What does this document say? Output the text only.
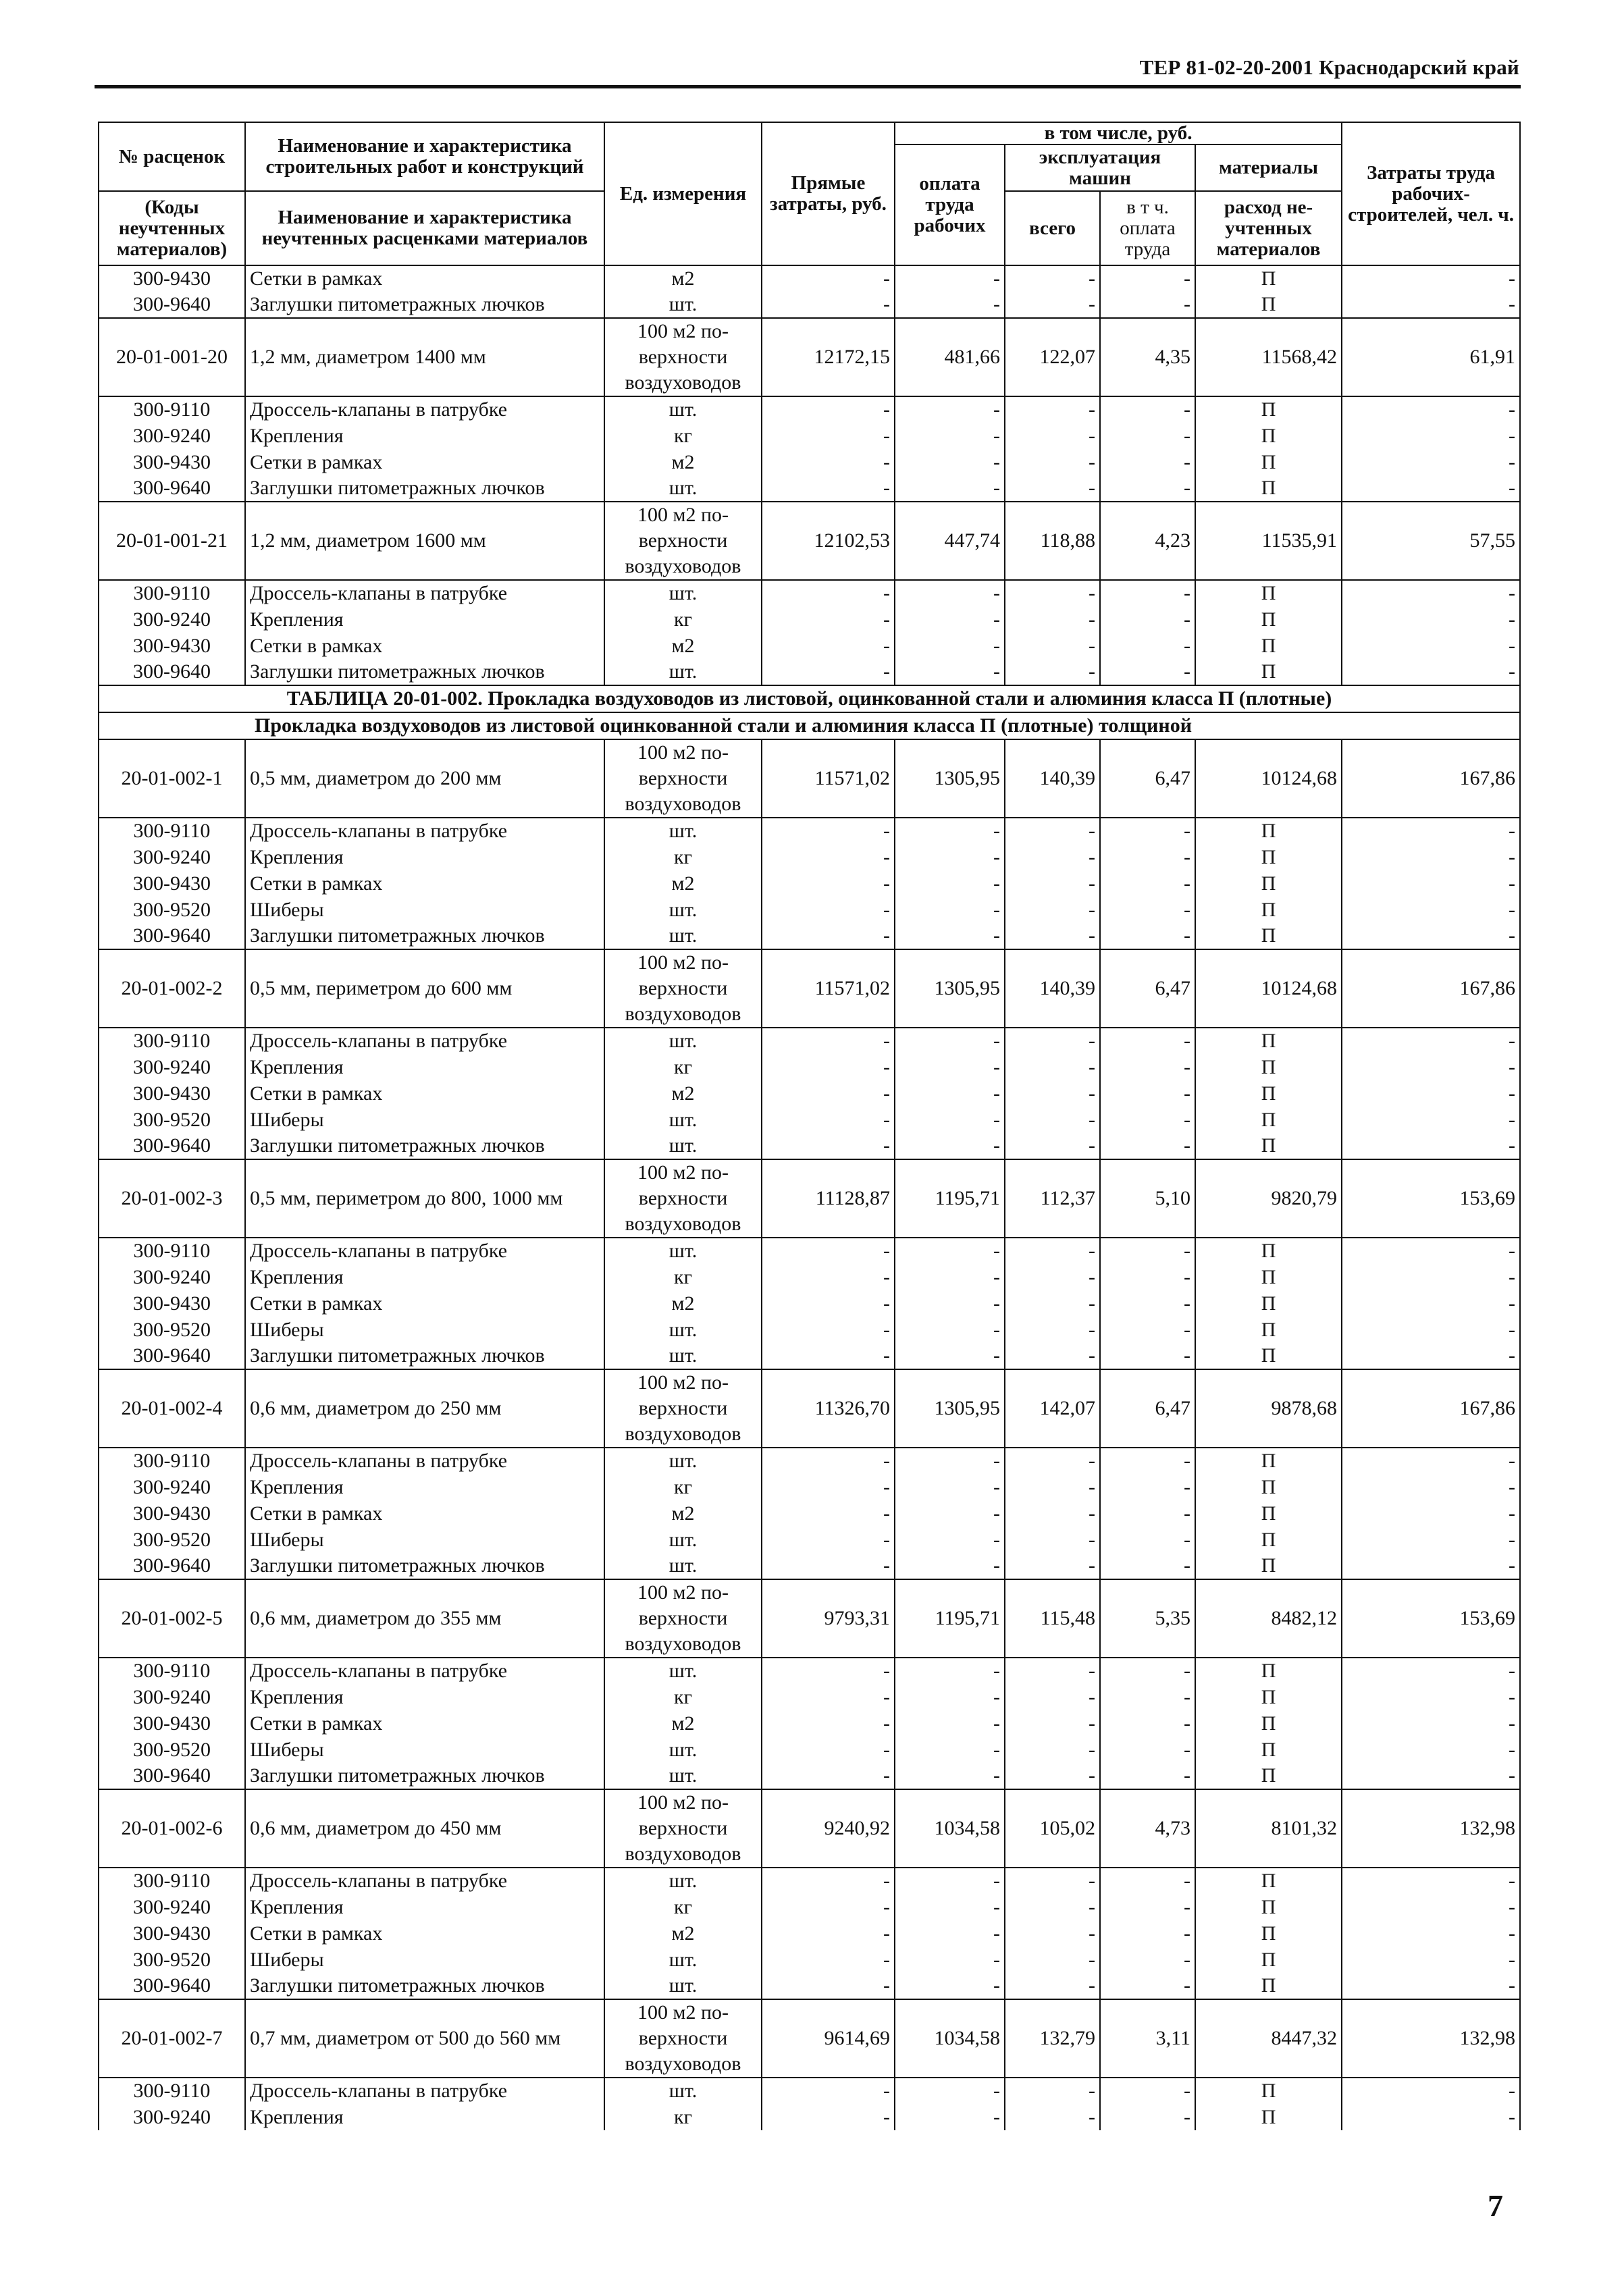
ТЕР 81-02-20-2001 Краснодарский край
№ расценок	Наименование и характеристика строительных работ и конструкций	Ед. измерения	Прямые затраты, руб.	в том числе, руб.				Затраты труда рабочих-строителей, чел. ч.
				оплата труда рабочих	эксплуатация машин		материалы	
(Коды неучтенных материалов)	Наименование и характеристика неучтенных расценками материалов				всего	в т ч. оплата труда	расход не-учтенных материалов	

300-9430	Сетки в рамках	м2	-	-	-	-	П	-
300-9640	Заглушки питометражных лючков	шт.	-	-	-	-	П	-
20-01-001-20	1,2 мм, диаметром 1400 мм	100 м2 по-верхности воздуховодов	12172,15	481,66	122,07	4,35	11568,42	61,91
300-9110	Дроссель-клапаны в патрубке	шт.	-	-	-	-	П	-
300-9240	Крепления	кг	-	-	-	-	П	-
300-9430	Сетки в рамках	м2	-	-	-	-	П	-
300-9640	Заглушки питометражных лючков	шт.	-	-	-	-	П	-
20-01-001-21	1,2 мм, диаметром 1600 мм	100 м2 по-верхности воздуховодов	12102,53	447,74	118,88	4,23	11535,91	57,55
300-9110	Дроссель-клапаны в патрубке	шт.	-	-	-	-	П	-
300-9240	Крепления	кг	-	-	-	-	П	-
300-9430	Сетки в рамках	м2	-	-	-	-	П	-
300-9640	Заглушки питометражных лючков	шт.	-	-	-	-	П	-
ТАБЛИЦА 20-01-002. Прокладка воздуховодов из листовой, оцинкованной стали и алюминия класса П (плотные)								
Прокладка воздуховодов из листовой оцинкованной стали и алюминия класса П (плотные) толщиной								
20-01-002-1	0,5 мм, диаметром до 200 мм	100 м2 по-верхности воздуховодов	11571,02	1305,95	140,39	6,47	10124,68	167,86
300-9110	Дроссель-клапаны в патрубке	шт.	-	-	-	-	П	-
300-9240	Крепления	кг	-	-	-	-	П	-
300-9430	Сетки в рамках	м2	-	-	-	-	П	-
300-9520	Шиберы	шт.	-	-	-	-	П	-
300-9640	Заглушки питометражных лючков	шт.	-	-	-	-	П	-
20-01-002-2	0,5 мм, периметром до 600 мм	100 м2 по-верхности воздуховодов	11571,02	1305,95	140,39	6,47	10124,68	167,86
300-9110	Дроссель-клапаны в патрубке	шт.	-	-	-	-	П	-
300-9240	Крепления	кг	-	-	-	-	П	-
300-9430	Сетки в рамках	м2	-	-	-	-	П	-
300-9520	Шиберы	шт.	-	-	-	-	П	-
300-9640	Заглушки питометражных лючков	шт.	-	-	-	-	П	-
20-01-002-3	0,5 мм, периметром до 800, 1000 мм	100 м2 по-верхности воздуховодов	11128,87	1195,71	112,37	5,10	9820,79	153,69
300-9110	Дроссель-клапаны в патрубке	шт.	-	-	-	-	П	-
300-9240	Крепления	кг	-	-	-	-	П	-
300-9430	Сетки в рамках	м2	-	-	-	-	П	-
300-9520	Шиберы	шт.	-	-	-	-	П	-
300-9640	Заглушки питометражных лючков	шт.	-	-	-	-	П	-
20-01-002-4	0,6 мм, диаметром до 250 мм	100 м2 по-верхности воздуховодов	11326,70	1305,95	142,07	6,47	9878,68	167,86
300-9110	Дроссель-клапаны в патрубке	шт.	-	-	-	-	П	-
300-9240	Крепления	кг	-	-	-	-	П	-
300-9430	Сетки в рамках	м2	-	-	-	-	П	-
300-9520	Шиберы	шт.	-	-	-	-	П	-
300-9640	Заглушки питометражных лючков	шт.	-	-	-	-	П	-
20-01-002-5	0,6 мм, диаметром до 355 мм	100 м2 по-верхности воздуховодов	9793,31	1195,71	115,48	5,35	8482,12	153,69
300-9110	Дроссель-клапаны в патрубке	шт.	-	-	-	-	П	-
300-9240	Крепления	кг	-	-	-	-	П	-
300-9430	Сетки в рамках	м2	-	-	-	-	П	-
300-9520	Шиберы	шт.	-	-	-	-	П	-
300-9640	Заглушки питометражных лючков	шт.	-	-	-	-	П	-
20-01-002-6	0,6 мм, диаметром до 450 мм	100 м2 по-верхности воздуховодов	9240,92	1034,58	105,02	4,73	8101,32	132,98
300-9110	Дроссель-клапаны в патрубке	шт.	-	-	-	-	П	-
300-9240	Крепления	кг	-	-	-	-	П	-
300-9430	Сетки в рамках	м2	-	-	-	-	П	-
300-9520	Шиберы	шт.	-	-	-	-	П	-
300-9640	Заглушки питометражных лючков	шт.	-	-	-	-	П	-
20-01-002-7	0,7 мм, диаметром от 500 до 560 мм	100 м2 по-верхности воздуховодов	9614,69	1034,58	132,79	3,11	8447,32	132,98
300-9110	Дроссель-клапаны в патрубке	шт.	-	-	-	-	П	-
300-9240	Крепления	кг	-	-	-	-	П	-
7
